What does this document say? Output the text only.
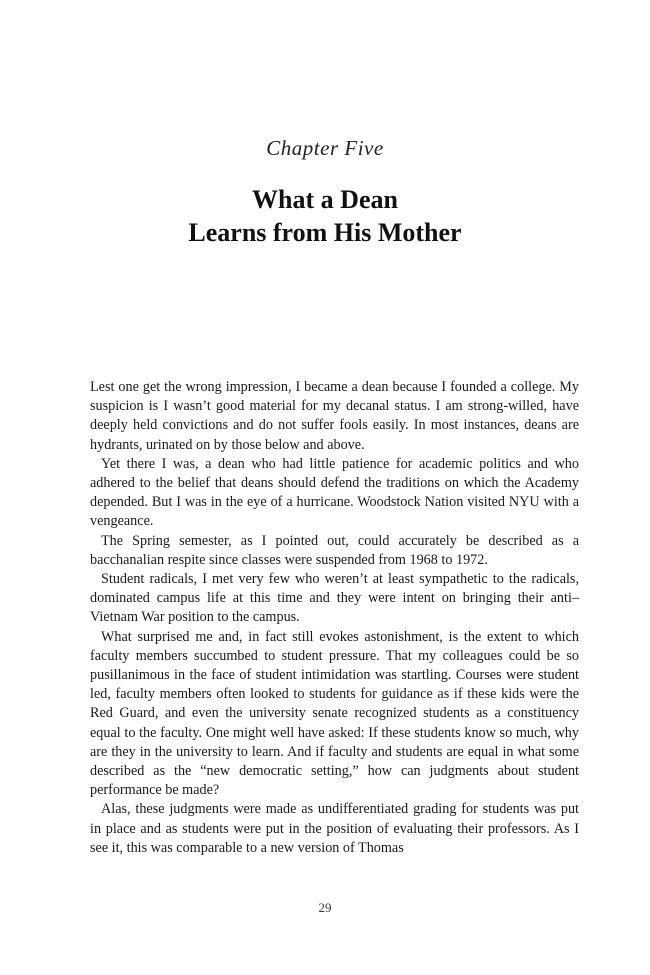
Chapter Five
What a Dean
Learns from His Mother

Lest one get the wrong impression, I became a dean because I founded a college. My suspicion is I wasn’t good material for my decanal status. I am strong-willed, have deeply held convictions and do not suffer fools easily. In most instances, deans are hydrants, urinated on by those below and above.

Yet there I was, a dean who had little patience for academic politics and who adhered to the belief that deans should defend the traditions on which the Academy depended. But I was in the eye of a hurricane. Woodstock Nation visited NYU with a vengeance.

The Spring semester, as I pointed out, could accurately be described as a bacchanalian respite since classes were suspended from 1968 to 1972.

Student radicals, I met very few who weren’t at least sympathetic to the radicals, dominated campus life at this time and they were intent on bringing their anti–Vietnam War position to the campus.

What surprised me and, in fact still evokes astonishment, is the extent to which faculty members succumbed to student pressure. That my colleagues could be so pusillanimous in the face of student intimidation was startling. Courses were student led, faculty members often looked to students for guidance as if these kids were the Red Guard, and even the university senate recognized students as a constituency equal to the faculty. One might well have asked: If these students know so much, why are they in the university to learn. And if faculty and students are equal in what some described as the “new democratic setting,” how can judgments about student performance be made?

Alas, these judgments were made as undifferentiated grading for students was put in place and as students were put in the position of evaluating their professors. As I see it, this was comparable to a new version of Thomas

29
